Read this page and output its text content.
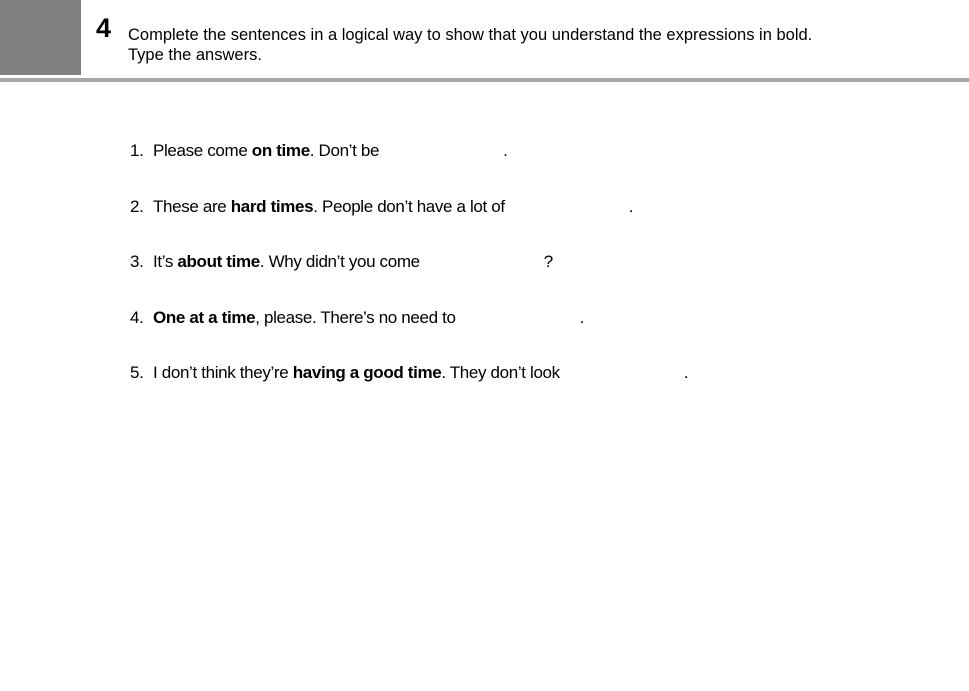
4 Complete the sentences in a logical way to show that you understand the expressions in bold.
Type the answers.
1. Please come on time. Don’t be	.
2. These are hard times. People don’t have a lot of	.
3. It’s about time. Why didn’t you come	?
4. One at a time, please. There’s no need to	.
5. I don’t think they’re having a good time. They don’t look	.
